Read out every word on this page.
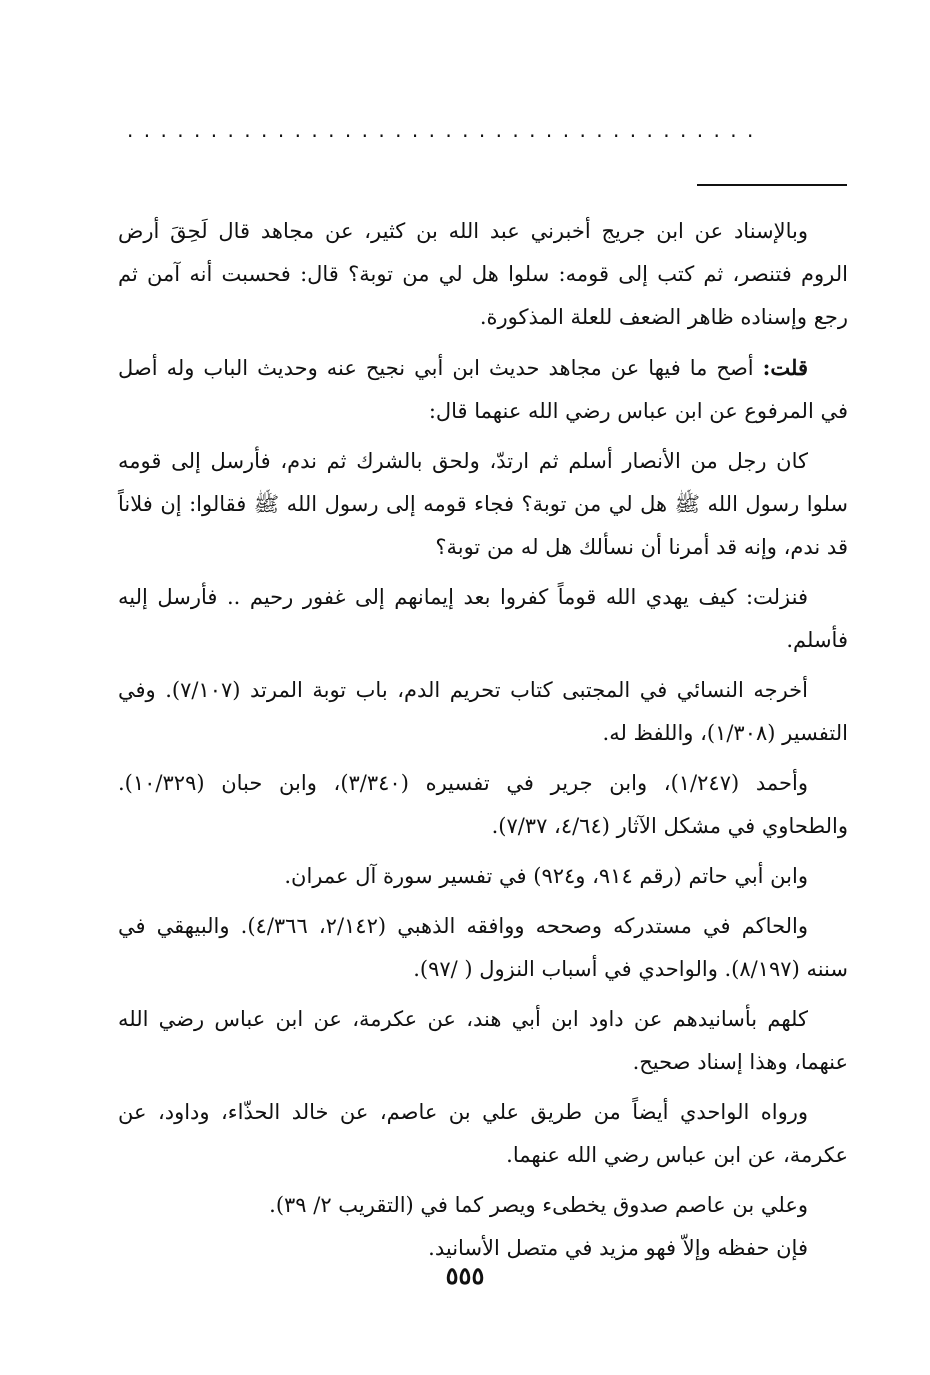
......................................

وبالإسناد عن ابن جريج أخبرني عبد الله بن كثير، عن مجاهد قال لَحِقَ أرض الروم فتنصر، ثم كتب إلى قومه: سلوا هل لي من توبة؟ قال: فحسبت أنه آمن ثم رجع وإسناده ظاهر الضعف للعلة المذكورة.

قلت: أصح ما فيها عن مجاهد حديث ابن أبي نجيح عنه وحديث الباب وله أصل في المرفوع عن ابن عباس رضي الله عنهما قال:

كان رجل من الأنصار أسلم ثم ارتدّ، ولحق بالشرك ثم ندم، فأرسل إلى قومه سلوا رسول الله ﷺ هل لي من توبة؟ فجاء قومه إلى رسول الله ﷺ فقالوا: إن فلاناً قد ندم، وإنه قد أمرنا أن نسألك هل له من توبة؟

فنزلت: كيف يهدي الله قوماً كفروا بعد إيمانهم إلى غفور رحيم .. فأرسل إليه فأسلم.

أخرجه النسائي في المجتبى كتاب تحريم الدم، باب توبة المرتد (٧/١٠٧). وفي التفسير (١/٣٠٨)، واللفظ له.

وأحمد (١/٢٤٧)، وابن جرير في تفسيره (٣/٣٤٠)، وابن حبان (١٠/٣٢٩). والطحاوي في مشكل الآثار (٤/٦٤، ٧/٣٧).

وابن أبي حاتم (رقم ٩١٤، و٩٢٤) في تفسير سورة آل عمران.

والحاكم في مستدركه وصححه ووافقه الذهبي (٢/١٤٢، ٤/٣٦٦). والبيهقي في سننه (٨/١٩٧). والواحدي في أسباب النزول ( /٩٧).

كلهم بأسانيدهم عن داود ابن أبي هند، عن عكرمة، عن ابن عباس رضي الله عنهما، وهذا إسناد صحيح.

ورواه الواحدي أيضاً من طريق علي بن عاصم، عن خالد الحذّاء، وداود، عن عكرمة، عن ابن عباس رضي الله عنهما.

وعلي بن عاصم صدوق يخطىء ويصر كما في (التقريب ٢/ ٣٩).

فإن حفظه وإلاّ فهو مزيد في متصل الأسانيد.

٥٥٥
